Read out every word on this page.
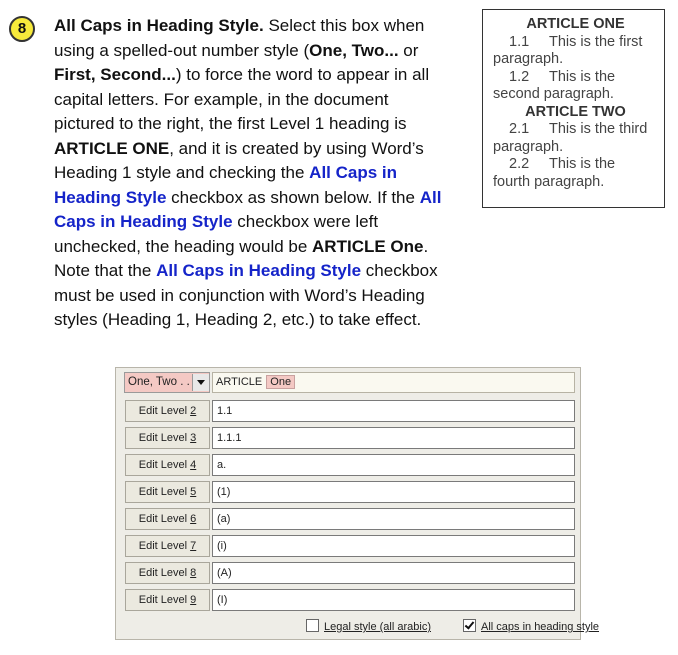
8	All Caps in Heading Style. Select this box when
using a spelled-out number style (One, Two... or
First, Second...) to force the word to appear in all
capital letters. For example, in the document
pictured to the right, the first Level 1 heading is
ARTICLE ONE, and it is created by using Word’s
Heading 1 style and checking the All Caps in
Heading Style checkbox as shown below. If the All
Caps in Heading Style checkbox were left
unchecked, the heading would be ARTICLE One.
Note that the All Caps in Heading Style checkbox
must be used in conjunction with Word’s Heading
styles (Heading 1, Heading 2, etc.) to take effect.
ARTICLE ONE
1.1 This is the first
paragraph.
1.2 This is the
second paragraph.
ARTICLE TWO
2.1 This is the third
paragraph.
2.2 This is the
fourth paragraph.
One, Two . .	ARTICLE One
Edit Level 2	1.1
Edit Level 3	1.1.1
Edit Level 4	a.
Edit Level 5	(1)
Edit Level 6	(a)
Edit Level 7	(i)
Edit Level 8	(A)
Edit Level 9	(I)
Legal style (all arabic)	All caps in heading style
